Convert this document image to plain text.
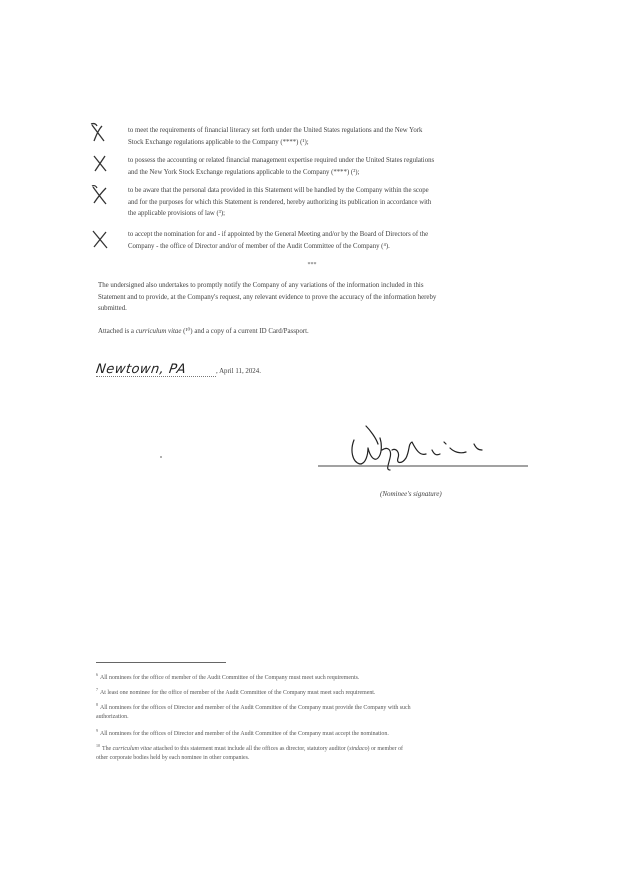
to meet the requirements of financial literacy set forth under the United States regulations and the New York
Stock Exchange regulations applicable to the Company (****) (¹);
to possess the accounting or related financial management expertise required under the United States regulations
and the New York Stock Exchange regulations applicable to the Company (****) (²);
to be aware that the personal data provided in this Statement will be handled by the Company within the scope
and for the purposes for which this Statement is rendered, hereby authorizing its publication in accordance with
the applicable provisions of law (³);
to accept the nomination for and - if appointed by the General Meeting and/or by the Board of Directors of the
Company - the office of Director and/or of member of the Audit Committee of the Company (⁴).
***
The undersigned also undertakes to promptly notify the Company of any variations of the information included in this
Statement and to provide, at the Company's request, any relevant evidence to prove the accuracy of the information hereby
submitted.
Attached is a curriculum vitae (¹⁰) and a copy of a current ID Card/Passport.
Newtown, PA	, April 11, 2024.
(Nominee's signature)
$^6$All nominees for the office of member of the Audit Committee of the Company must meet such requirements.
$^7$At least one nominee for the office of member of the Audit Committee of the Company must meet such requirement.
$^8$All nominees for the offices of Director and member of the Audit Committee of the Company must provide the Company with such
authorization.
$^9$All nominees for the offices of Director and member of the Audit Committee of the Company must accept the nomination.
$^{10}$The curriculum vitae attached to this statement must include all the offices as director, statutory auditor (sindaco) or member of
other corporate bodies held by each nominee in other companies.
